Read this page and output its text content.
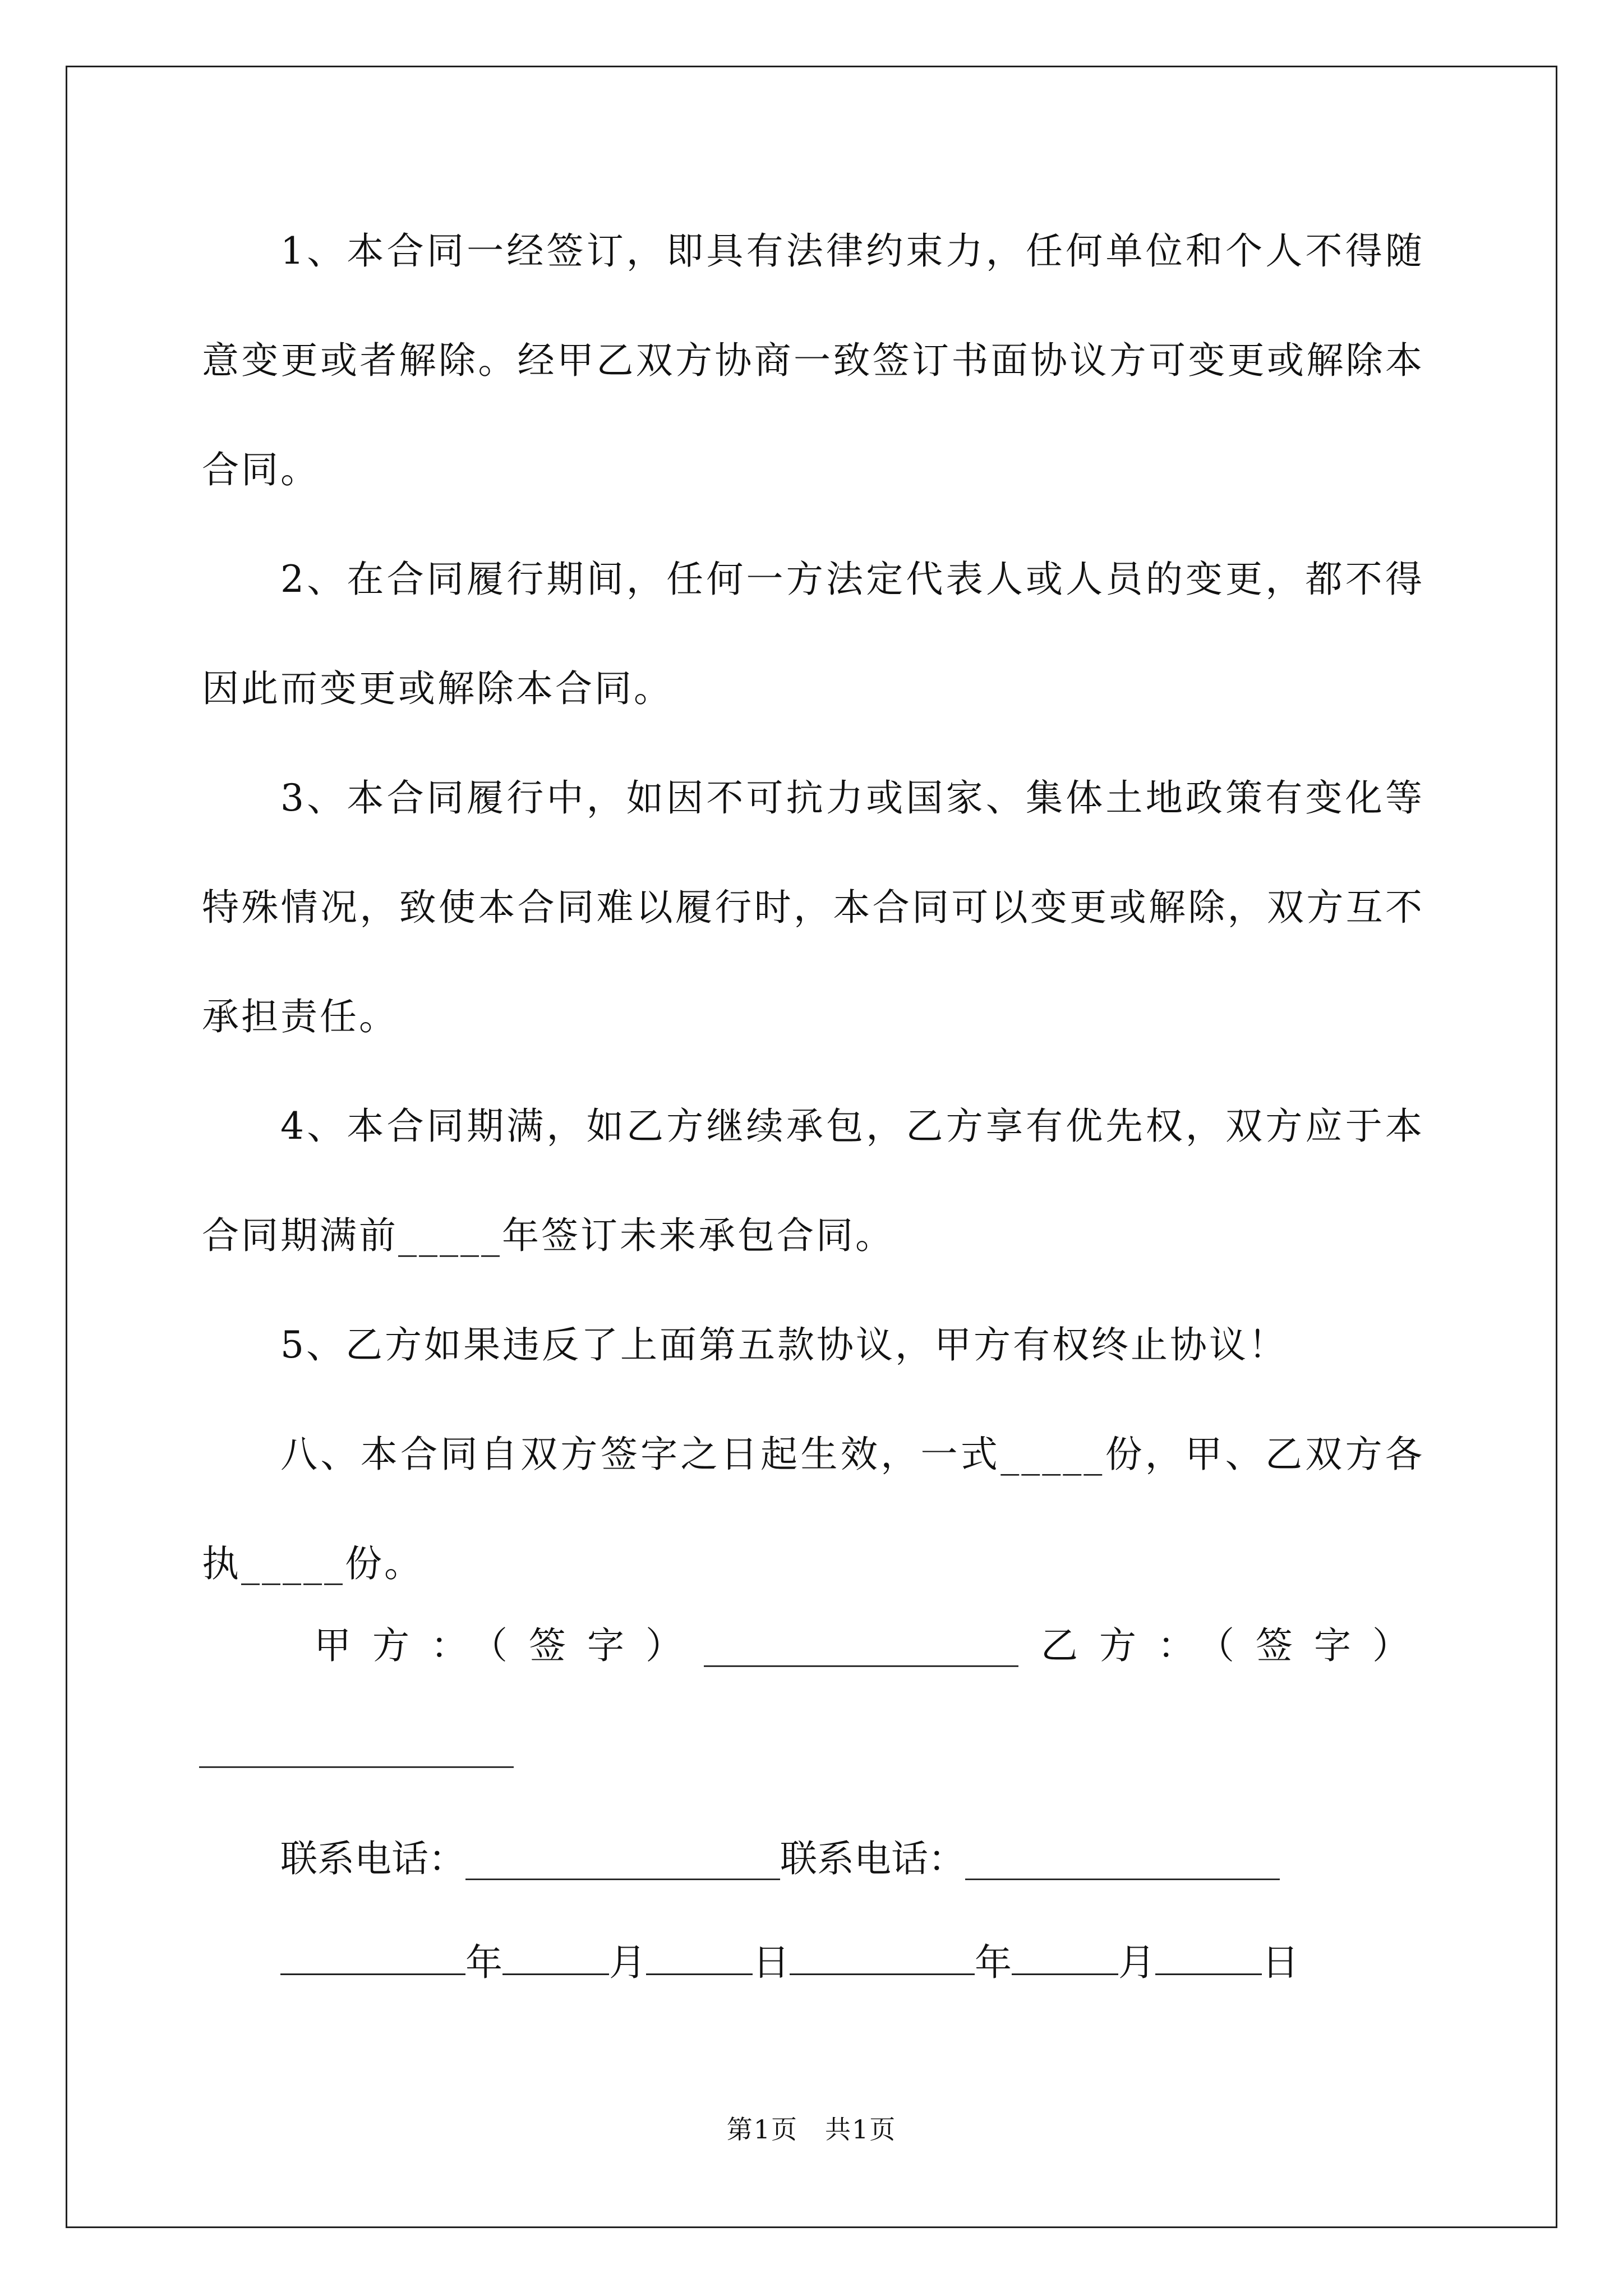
1、本合同一经签订，即具有法律约束力，任何单位和个人不得随意变更或者解除。经甲乙双方协商一致签订书面协议方可变更或解除本合同。

2、在合同履行期间，任何一方法定代表人或人员的变更，都不得因此而变更或解除本合同。

3、本合同履行中，如因不可抗力或国家、集体土地政策有变化等特殊情况，致使本合同难以履行时，本合同可以变更或解除，双方互不承担责任。

4、本合同期满，如乙方继续承包，乙方享有优先权，双方应于本合同期满前_____年签订未来承包合同。

5、乙方如果违反了上面第五款协议，甲方有权终止协议！

八、本合同自双方签字之日起生效，一式_____份，甲、乙双方各执_____份。

甲方：（签字）_________________ 乙方：（签字）
_________________
联系电话：_________________联系电话：_________________
年	月	日	年	月	日
第1页　共1页
